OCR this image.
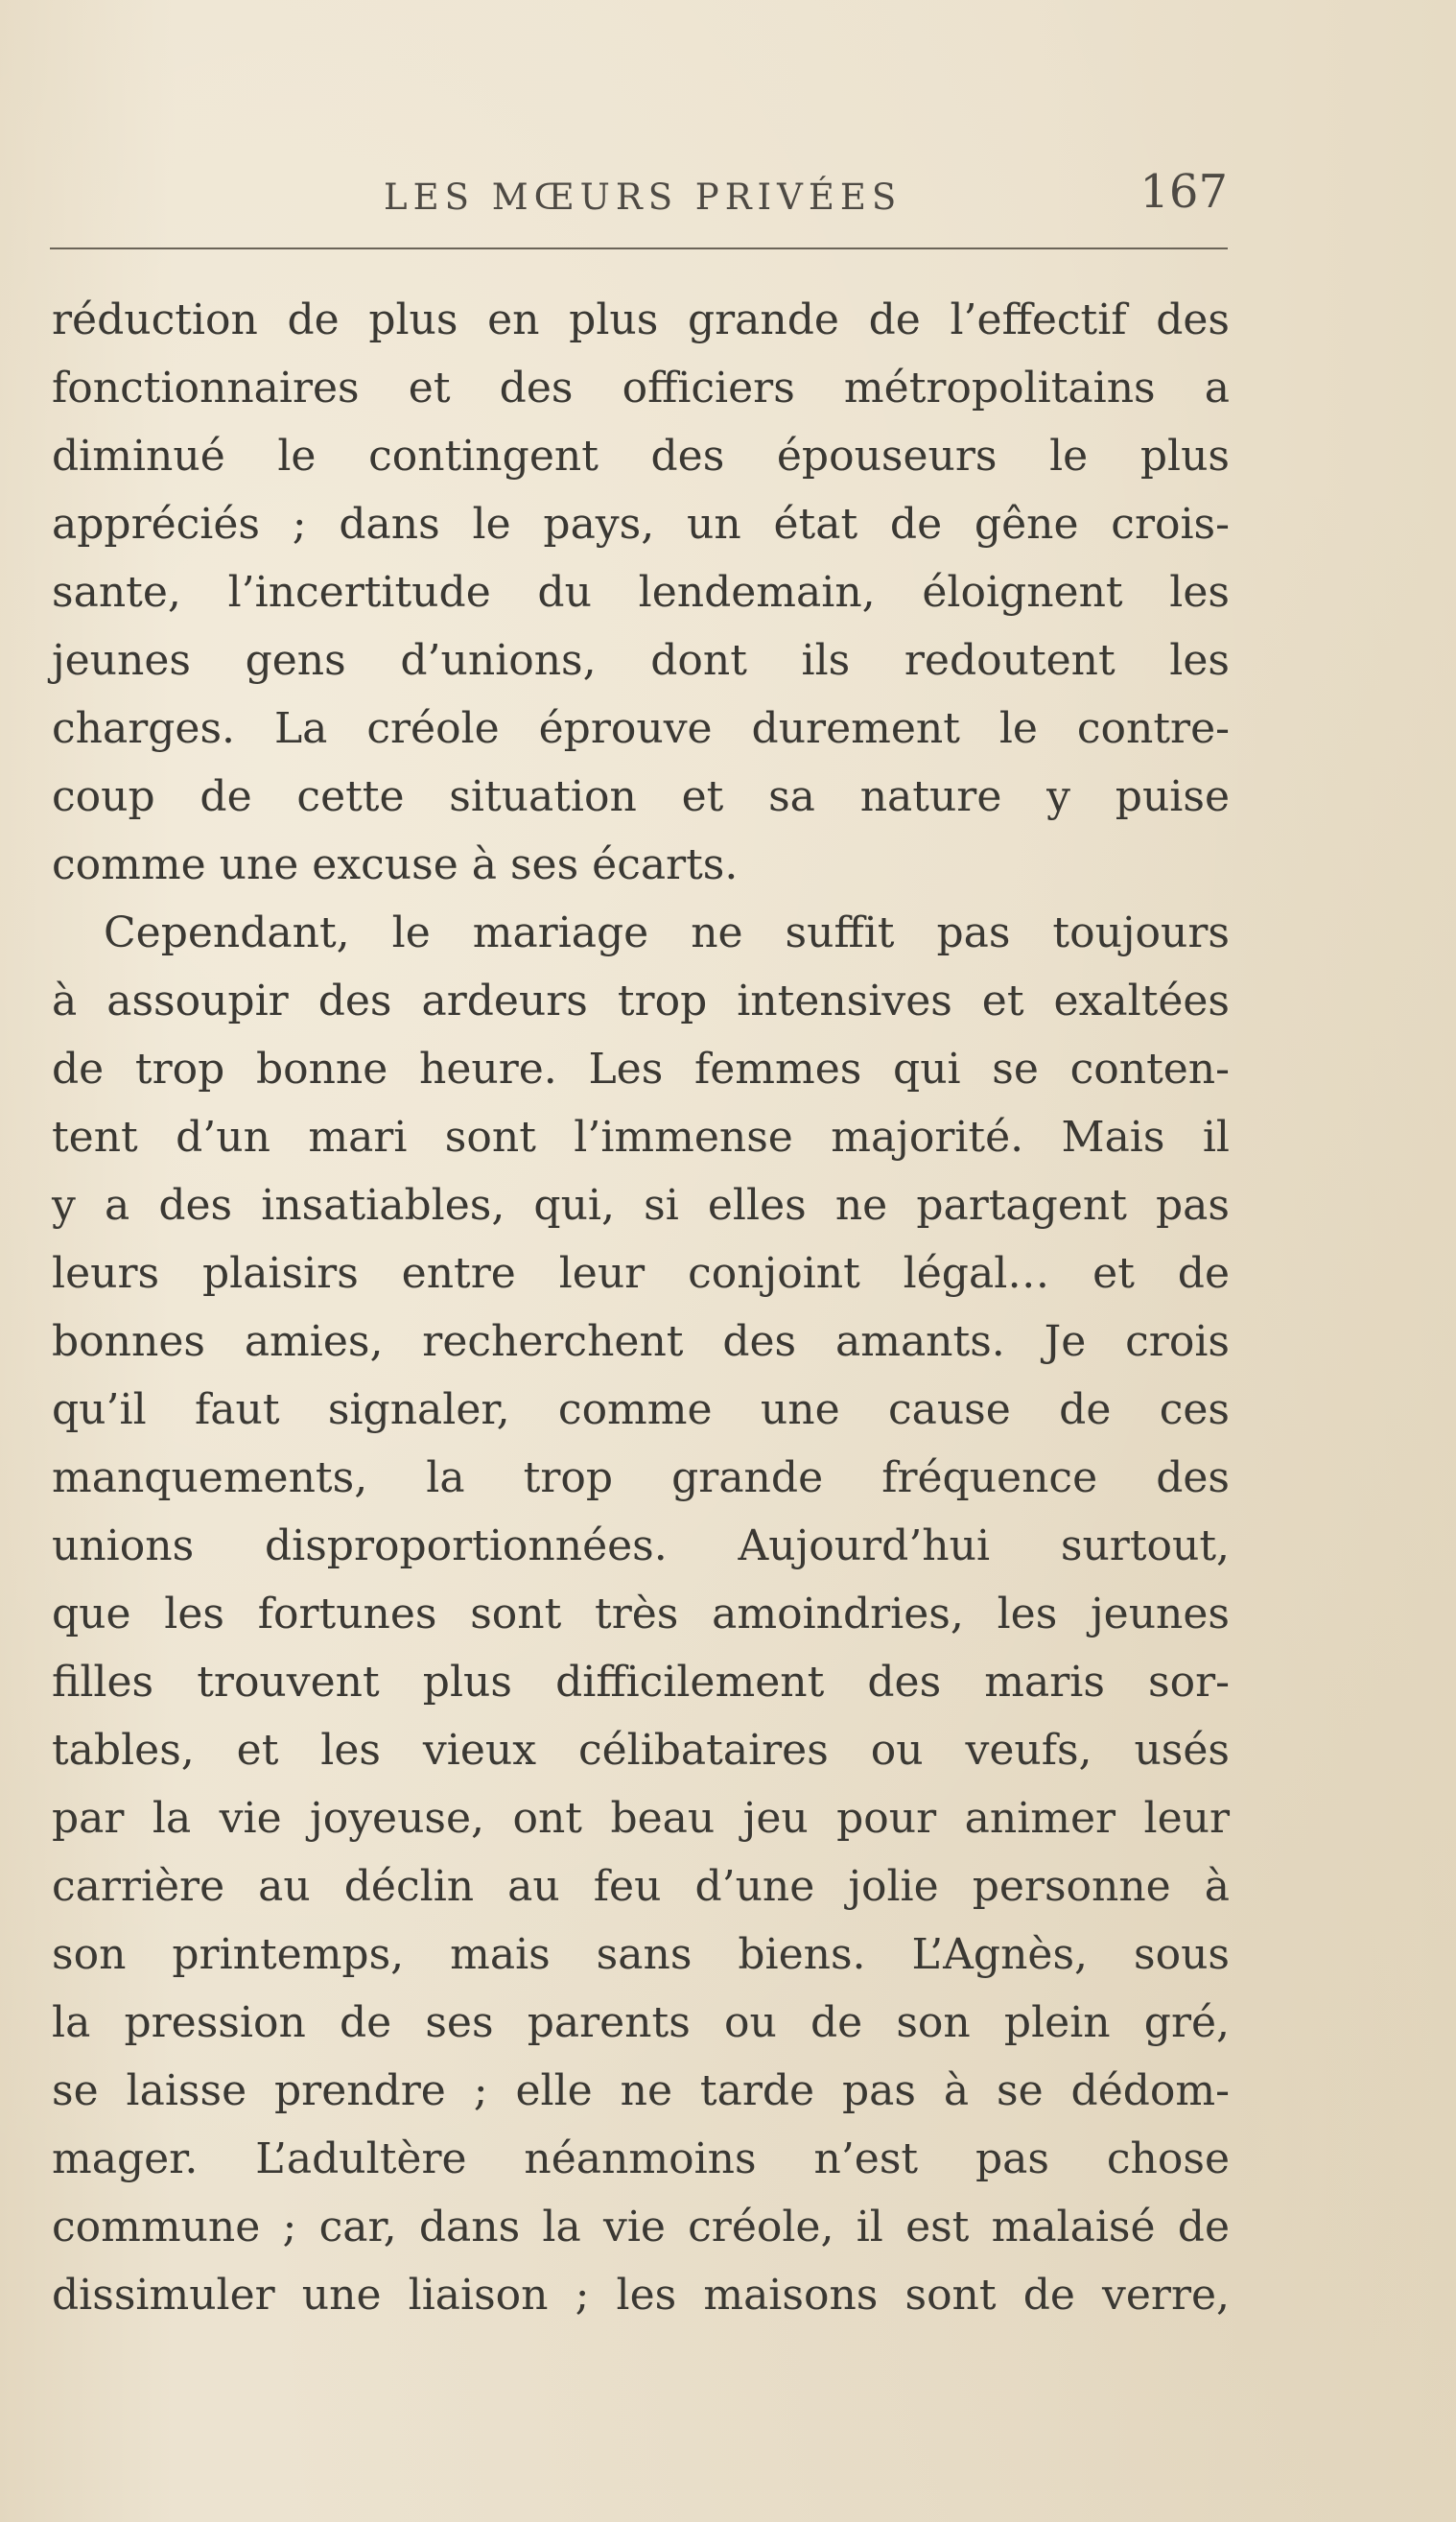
LES MŒURS PRIVÉES	167
réduction de plus en plus grande de l’effectif des
fonctionnaires et des officiers métropolitains a
diminué le contingent des épouseurs le plus
appréciés ; dans le pays, un état de gêne crois-
sante, l’incertitude du lendemain, éloignent les
jeunes gens d’unions, dont ils redoutent les
charges. La créole éprouve durement le contre-
coup de cette situation et sa nature y puise
comme une excuse à ses écarts.
Cependant, le mariage ne suffit pas toujours
à assoupir des ardeurs trop intensives et exaltées
de trop bonne heure. Les femmes qui se conten-
tent d’un mari sont l’immense majorité. Mais il
y a des insatiables, qui, si elles ne partagent pas
leurs plaisirs entre leur conjoint légal… et de
bonnes amies, recherchent des amants. Je crois
qu’il faut signaler, comme une cause de ces
manquements, la trop grande fréquence des
unions disproportionnées. Aujourd’hui surtout,
que les fortunes sont très amoindries, les jeunes
filles trouvent plus difficilement des maris sor-
tables, et les vieux célibataires ou veufs, usés
par la vie joyeuse, ont beau jeu pour animer leur
carrière au déclin au feu d’une jolie personne à
son printemps, mais sans biens. L’Agnès, sous
la pression de ses parents ou de son plein gré,
se laisse prendre ; elle ne tarde pas à se dédom-
mager. L’adultère néanmoins n’est pas chose
commune ; car, dans la vie créole, il est malaisé de
dissimuler une liaison ; les maisons sont de verre,
